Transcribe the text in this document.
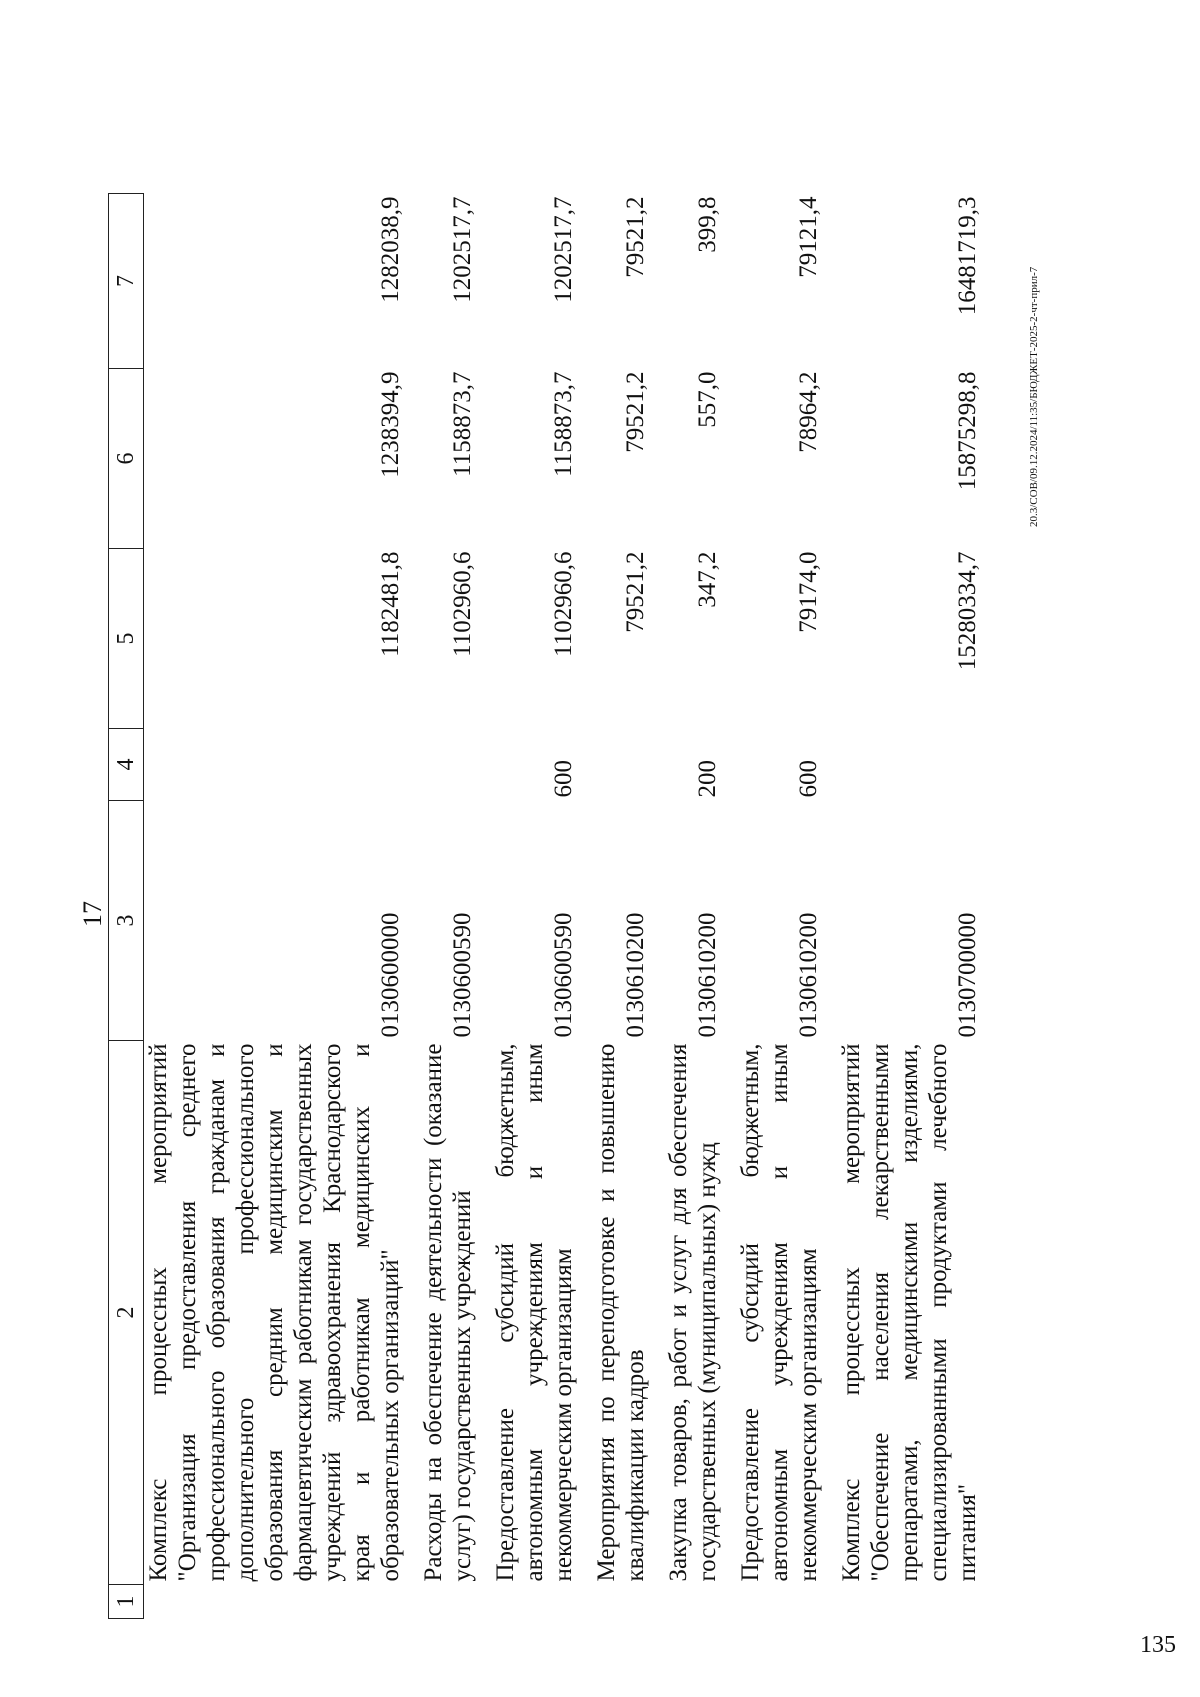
17
1	2	3	4	5	6	7
	Комплекс процессных мероприятий "Организация предоставления среднего профессионального образования гражданам и дополнительного профессионального образования средним медицинским и фармацевтическим работникам государственных учреждений здравоохранения Краснодарского края и работникам медицинских и образовательных организаций"	0130600000		1182481,8	1238394,9	1282038,9
	Расходы на обеспечение деятельности (оказание услуг) государственных учреждений	0130600590		1102960,6	1158873,7	1202517,7
	Предоставление субсидий бюджетным, автономным учреждениям и иным некоммерческим организациям	0130600590	600	1102960,6	1158873,7	1202517,7
	Мероприятия по переподготовке и повышению квалификации кадров	0130610200		79521,2	79521,2	79521,2
	Закупка товаров, работ и услуг для обеспечения государственных (муниципальных) нужд	0130610200	200	347,2	557,0	399,8
	Предоставление субсидий бюджетным, автономным учреждениям и иным некоммерческим организациям	0130610200	600	79174,0	78964,2	79121,4
	Комплекс процессных мероприятий "Обеспечение населения лекарственными препаратами, медицинскими изделиями, специализированными продуктами лечебного питания"	0130700000		15280334,7	15875298,8	16481719,3
20.3/СОВ/09.12.2024/11:35/БЮДЖЕТ-2025-2-чт-прил-7
135
